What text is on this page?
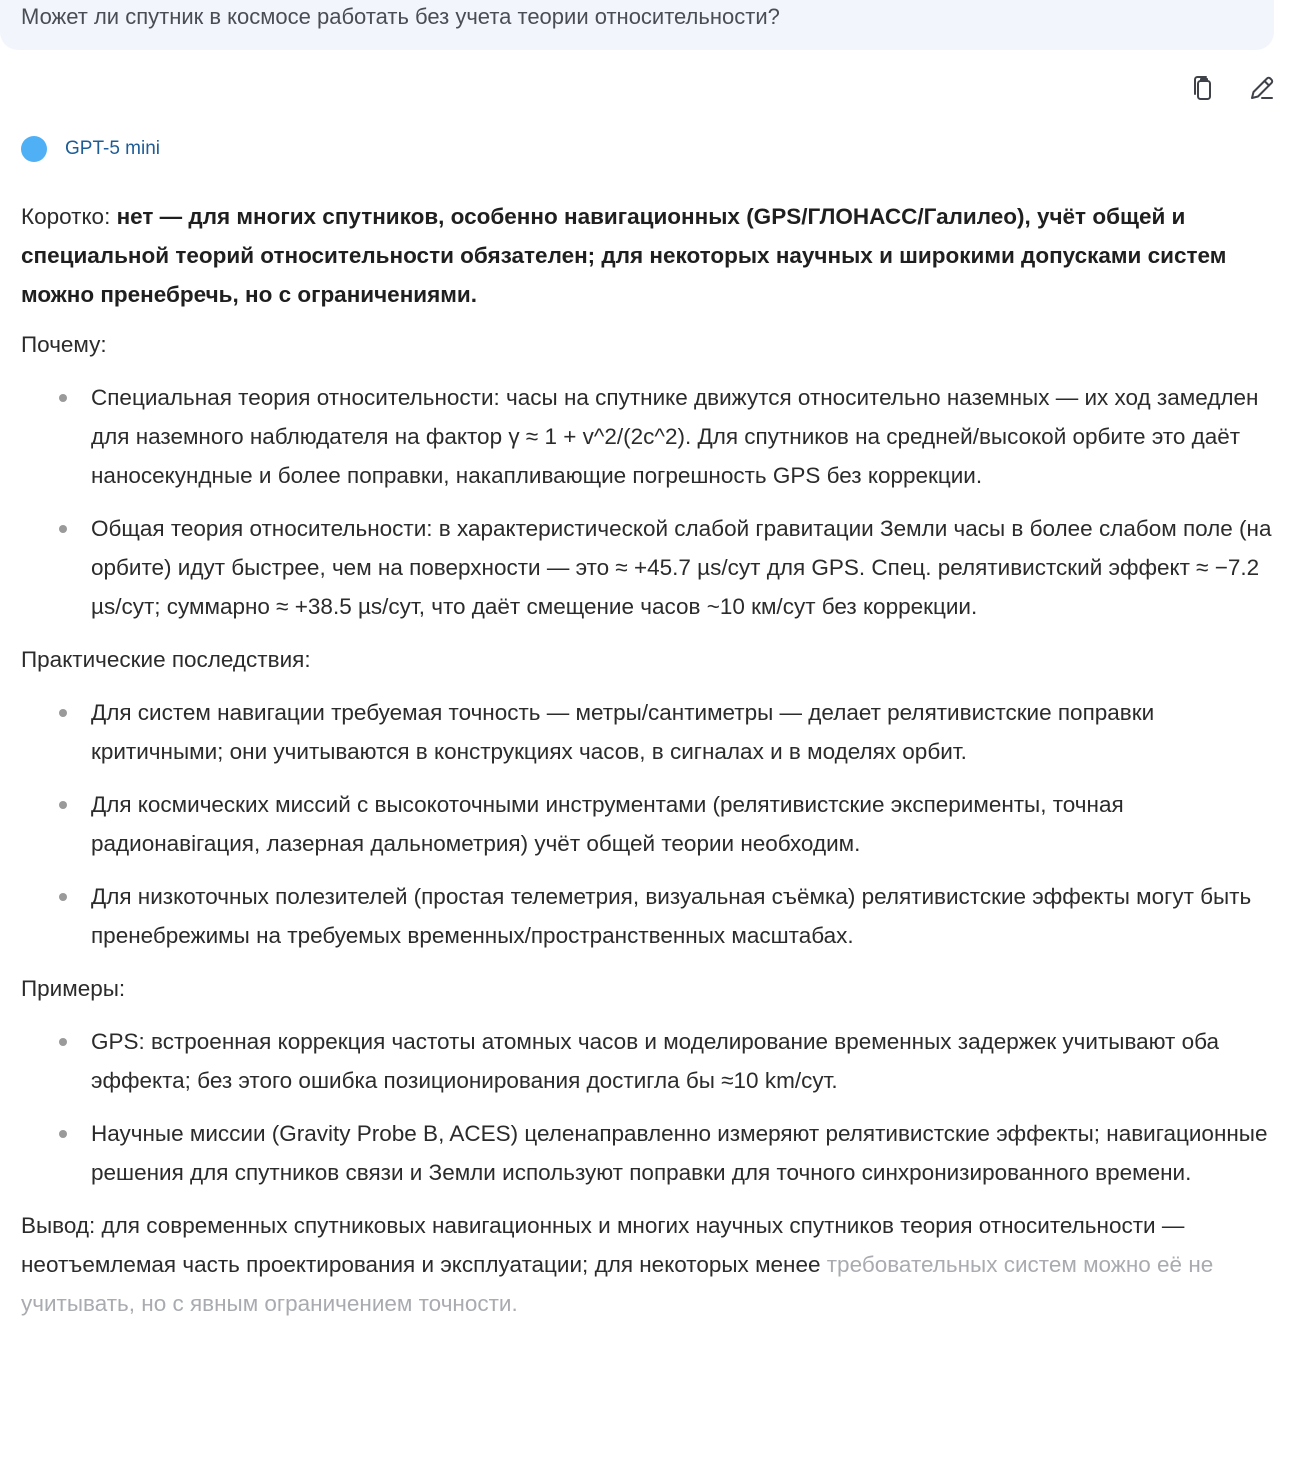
Может ли спутник в космосе работать без учета теории относительности?
GPT-5 mini

Коротко: нет — для многих спутников, особенно навигационных (GPS/ГЛОНАСС/Галилео), учёт общей и специальной теорий относительности обязателен; для некоторых научных и широкими допусками систем можно пренебречь, но с ограничениями.

Почему:

Специальная теория относительности: часы на спутнике движутся относительно наземных — их ход замедлен для наземного наблюдателя на фактор γ ≈ 1 + v^2/(2c^2). Для спутников на средней/высокой орбите это даёт наносекундные и более поправки, накапливающие погрешность GPS без коррекции.
Общая теория относительности: в характеристической слабой гравитации Земли часы в более слабом поле (на орбите) идут быстрее, чем на поверхности — это ≈ +45.7 µs/сут для GPS. Спец. релятивистский эффект ≈ −7.2 µs/сут; суммарно ≈ +38.5 µs/сут, что даёт смещение часов ~10 км/сут без коррекции.

Практические последствия:

Для систем навигации требуемая точность — метры/сантиметры — делает релятивистские поправки критичными; они учитываются в конструкциях часов, в сигналах и в моделях орбит.
Для космических миссий с высокоточными инструментами (релятивистские эксперименты, точная радионавігация, лазерная дальнометрия) учёт общей теории необходим.
Для низкоточных полезителей (простая телеметрия, визуальная съёмка) релятивистские эффекты могут быть пренебрежимы на требуемых временных/пространственных масштабах.

Примеры:

GPS: встроенная коррекция частоты атомных часов и моделирование временных задержек учитывают оба эффекта; без этого ошибка позиционирования достигла бы ≈10 km/сут.
Научные миссии (Gravity Probe B, ACES) целенаправленно измеряют релятивистские эффекты; навигационные решения для спутников связи и Земли используют поправки для точного синхронизированного времени.

Вывод: для современных спутниковых навигационных и многих научных спутников теория относительности — неотъемлемая часть проектирования и эксплуатации; для некоторых менее требовательных систем можно её не учитывать, но с явным ограничением точности.
